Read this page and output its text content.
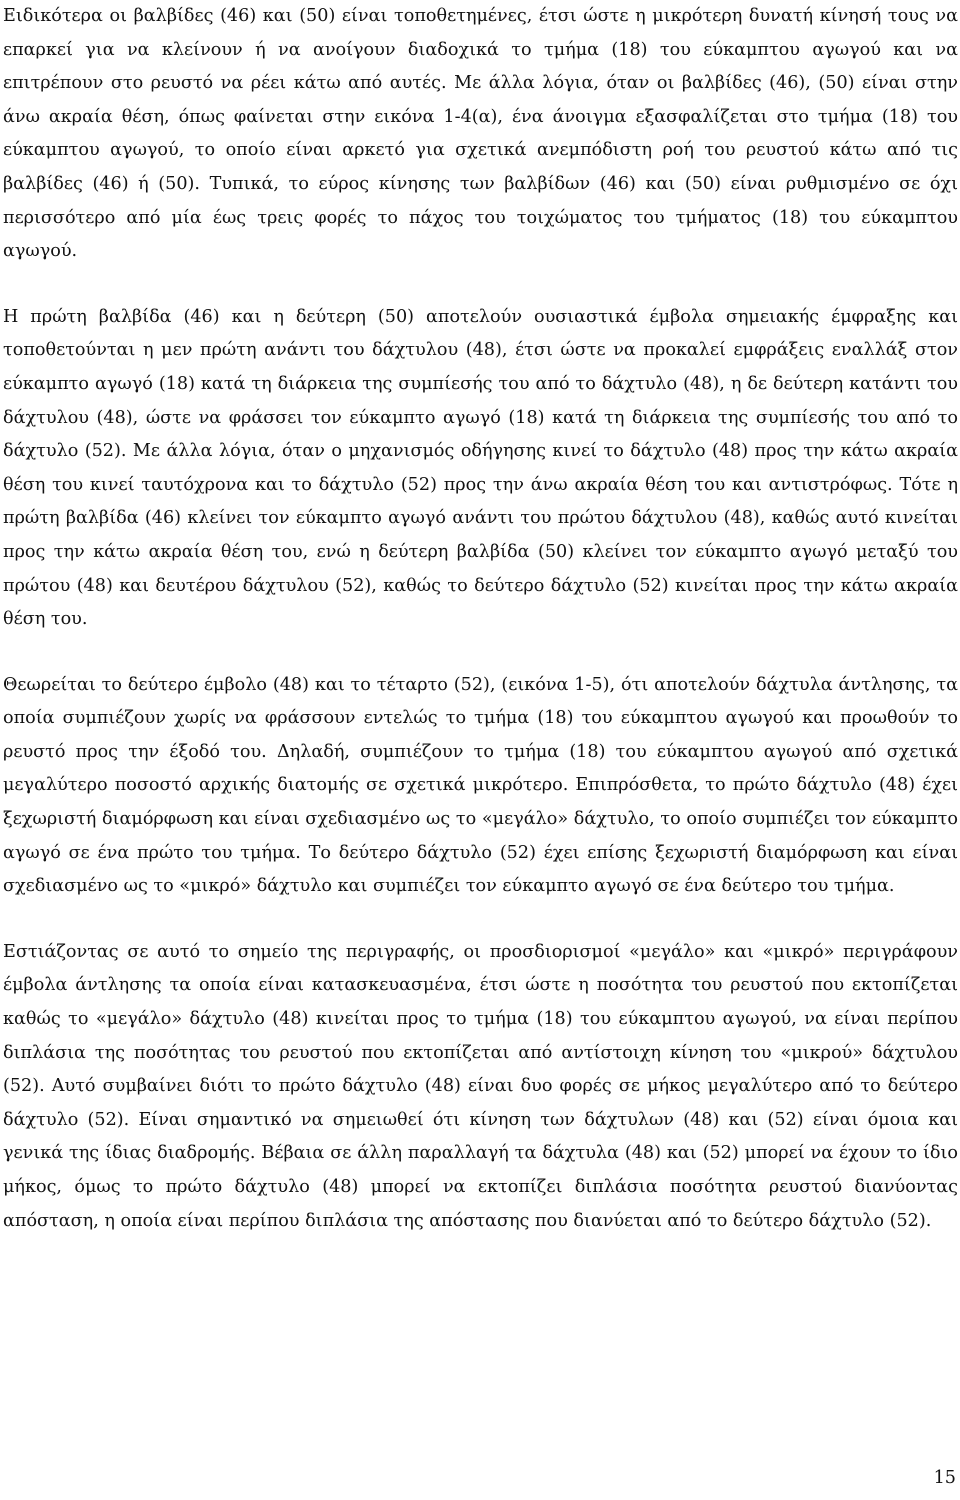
Ειδικότερα οι βαλβίδες (46) και (50) είναι τοποθετημένες, έτσι ώστε η μικρότερη δυνατή κίνησή τους να επαρκεί για να κλείνουν ή να ανοίγουν διαδοχικά το τμήμα (18) του εύκαμπτου αγωγού και να επιτρέπουν στο ρευστό να ρέει κάτω από αυτές. Με άλλα λόγια, όταν οι βαλβίδες (46), (50) είναι στην άνω ακραία θέση, όπως φαίνεται στην εικόνα 1-4(α), ένα άνοιγμα εξασφαλίζεται στο τμήμα (18) του εύκαμπτου αγωγού, το οποίο είναι αρκετό για σχετικά ανεμπόδιστη ροή του ρευστού κάτω από τις βαλβίδες (46) ή (50). Τυπικά, το εύρος κίνησης των βαλβίδων (46) και (50) είναι ρυθμισμένο σε όχι περισσότερο από μία έως τρεις φορές το πάχος του τοιχώματος του τμήματος (18) του εύκαμπτου αγωγού.

Η πρώτη βαλβίδα (46) και η δεύτερη (50) αποτελούν ουσιαστικά έμβολα σημειακής έμφραξης και τοποθετούνται η μεν πρώτη ανάντι του δάχτυλου (48), έτσι ώστε να προκαλεί εμφράξεις εναλλάξ στον εύκαμπτο αγωγό (18) κατά τη διάρκεια της συμπίεσής του από το δάχτυλο (48), η δε δεύτερη κατάντι του δάχτυλου (48), ώστε να φράσσει τον εύκαμπτο αγωγό (18) κατά τη διάρκεια της συμπίεσής του από το δάχτυλο (52). Με άλλα λόγια, όταν ο μηχανισμός οδήγησης κινεί το δάχτυλο (48) προς την κάτω ακραία θέση του κινεί ταυτόχρονα και το δάχτυλο (52) προς την άνω ακραία θέση του και αντιστρόφως. Τότε η πρώτη βαλβίδα (46) κλείνει τον εύκαμπτο αγωγό ανάντι του πρώτου δάχτυλου (48), καθώς αυτό κινείται προς την κάτω ακραία θέση του, ενώ η δεύτερη βαλβίδα (50) κλείνει τον εύκαμπτο αγωγό μεταξύ του πρώτου (48) και δευτέρου δάχτυλου (52), καθώς το δεύτερο δάχτυλο (52) κινείται προς την κάτω ακραία θέση του.

Θεωρείται το δεύτερο έμβολο (48) και το τέταρτο (52), (εικόνα 1-5), ότι αποτελούν δάχτυλα άντλησης, τα οποία συμπιέζουν χωρίς να φράσσουν εντελώς το τμήμα (18) του εύκαμπτου αγωγού και προωθούν το ρευστό προς την έξοδό του. Δηλαδή, συμπιέζουν το τμήμα (18) του εύκαμπτου αγωγού από σχετικά μεγαλύτερο ποσοστό αρχικής διατομής σε σχετικά μικρότερο. Επιπρόσθετα, το πρώτο δάχτυλο (48) έχει ξεχωριστή διαμόρφωση και είναι σχεδιασμένο ως το «μεγάλο» δάχτυλο, το οποίο συμπιέζει τον εύκαμπτο αγωγό σε ένα πρώτο του τμήμα. Το δεύτερο δάχτυλο (52) έχει επίσης ξεχωριστή διαμόρφωση και είναι σχεδιασμένο ως το «μικρό» δάχτυλο και συμπιέζει τον εύκαμπτο αγωγό σε ένα δεύτερο του τμήμα.

Εστιάζοντας σε αυτό το σημείο της περιγραφής, οι προσδιορισμοί «μεγάλο» και «μικρό» περιγράφουν έμβολα άντλησης τα οποία είναι κατασκευασμένα, έτσι ώστε η ποσότητα του ρευστού που εκτοπίζεται καθώς το «μεγάλο» δάχτυλο (48) κινείται προς το τμήμα (18) του εύκαμπτου αγωγού, να είναι περίπου διπλάσια της ποσότητας του ρευστού που εκτοπίζεται από αντίστοιχη κίνηση του «μικρού» δάχτυλου (52). Αυτό συμβαίνει διότι το πρώτο δάχτυλο (48) είναι δυο φορές σε μήκος μεγαλύτερο από το δεύτερο δάχτυλο (52). Είναι σημαντικό να σημειωθεί ότι κίνηση των δάχτυλων (48) και (52) είναι όμοια και γενικά της ίδιας διαδρομής. Βέβαια σε άλλη παραλλαγή τα δάχτυλα (48) και (52) μπορεί να έχουν το ίδιο μήκος, όμως το πρώτο δάχτυλο (48) μπορεί να εκτοπίζει διπλάσια ποσότητα ρευστού διανύοντας απόσταση, η οποία είναι περίπου διπλάσια της απόστασης που διανύεται από το δεύτερο δάχτυλο (52).

15
